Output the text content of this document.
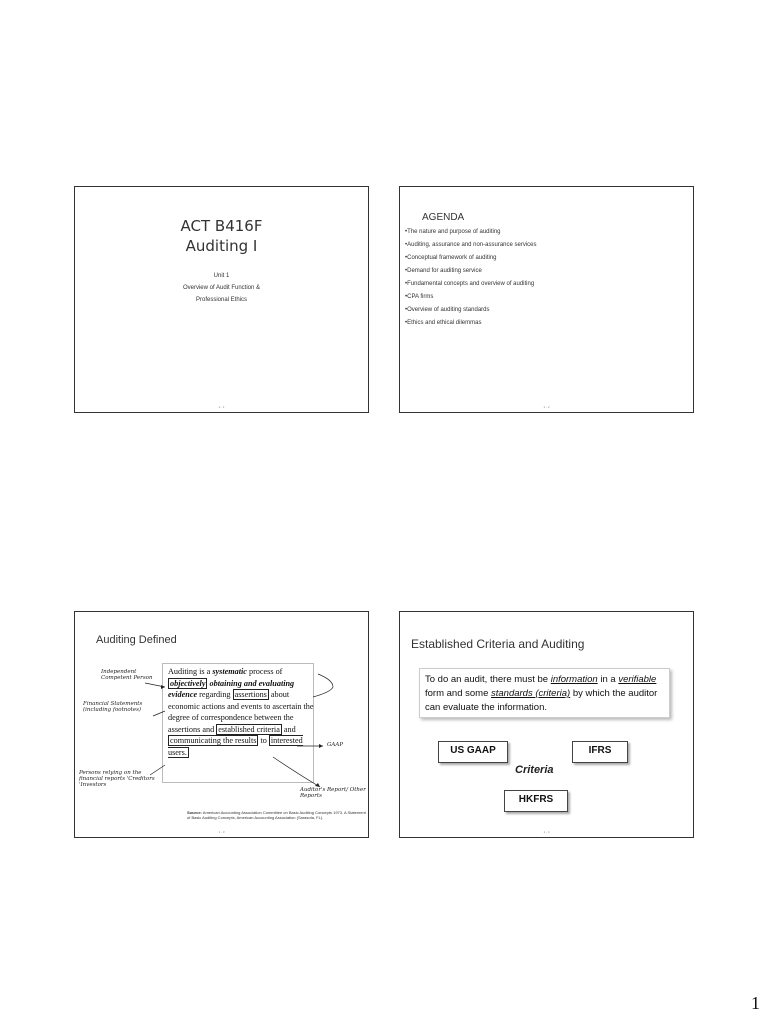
ACT B416F
Auditing I
Unit 1
Overview of Audit Function &
Professional Ethics
1 - 1
AGENDA
• The nature and purpose of auditing
• Auditing, assurance and non-assurance services
• Conceptual framework of auditing
• Demand for auditing service
• Fundamental concepts and overview of auditing
• CPA firms
• Overview of auditing standards
• Ethics and ethical dilemmas
1 - 2
Auditing Defined
Auditing is a systematic process of objectively obtaining and evaluating evidence regarding assertions about economic actions and events to ascertain the degree of correspondence between the assertions and established criteria and communicating the results to interested users.
Independent Competent Person
Financial Statements (including footnotes)
Persons relying on the financial reports 'Creditors 'Investors
GAAP
Auditor's Report/ Other Reports
Source: American Accounting Association Committee on Basic Auditing Concepts 1973. A Statement of Basic Auditing Concepts, American Accounting Association (Sarasota, FL).
1 - 3
Established Criteria and Auditing
To do an audit, there must be information in a verifiable form and some standards (criteria) by which the auditor can evaluate the information.
US GAAP	IFRS
Criteria
HKFRS
1 - 4
1
